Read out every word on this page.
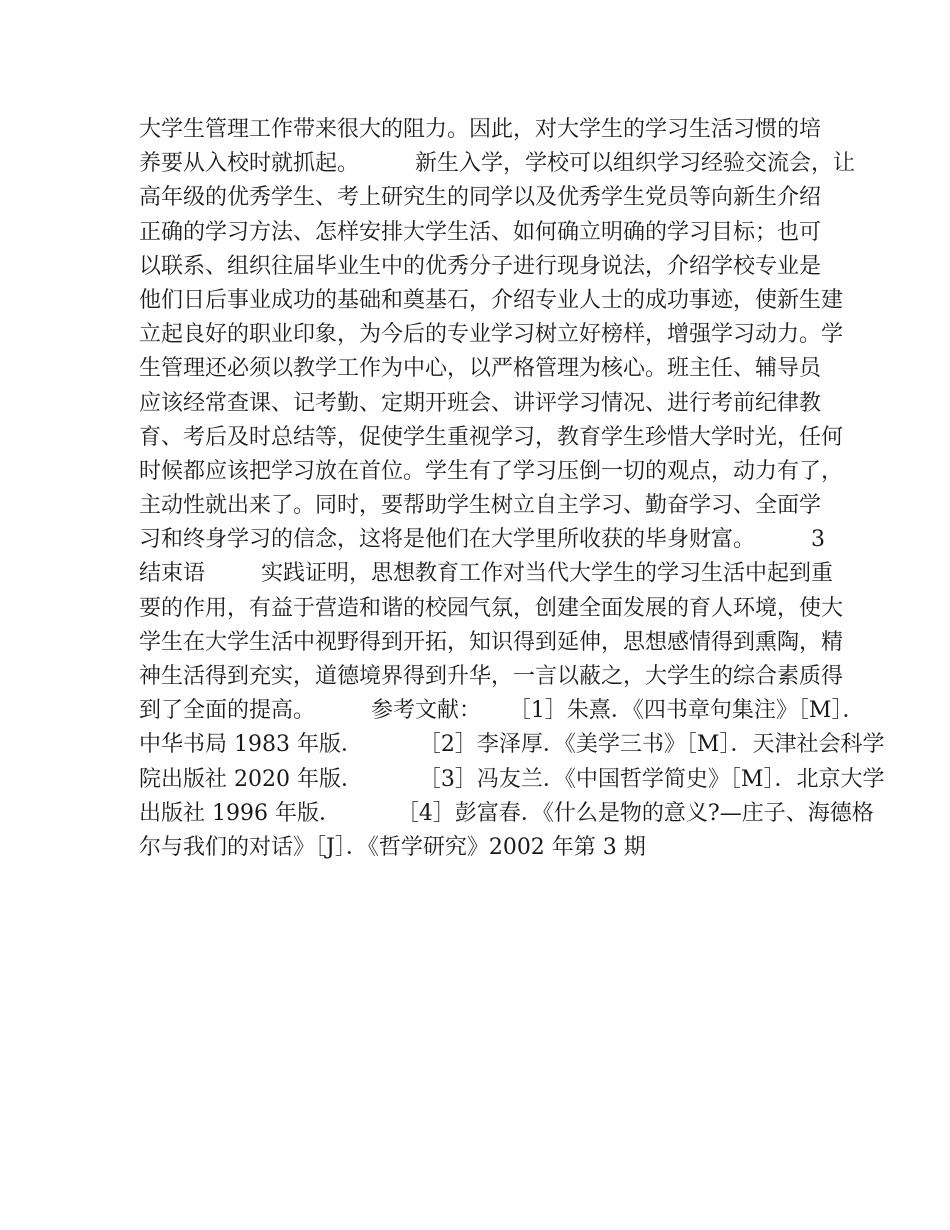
大学生管理工作带来很大的阻力。因此，对大学生的学习生活习惯的培
养要从入校时就抓起。        新生入学，学校可以组织学习经验交流会，让
高年级的优秀学生、考上研究生的同学以及优秀学生党员等向新生介绍
正确的学习方法、怎样安排大学生活、如何确立明确的学习目标；也可
以联系、组织往届毕业生中的优秀分子进行现身说法，介绍学校专业是
他们日后事业成功的基础和奠基石，介绍专业人士的成功事迹，使新生建
立起良好的职业印象，为今后的专业学习树立好榜样，增强学习动力。学
生管理还必须以教学工作为中心，以严格管理为核心。班主任、辅导员
应该经常查课、记考勤、定期开班会、讲评学习情况、进行考前纪律教
育、考后及时总结等，促使学生重视学习，教育学生珍惜大学时光，任何
时候都应该把学习放在首位。学生有了学习压倒一切的观点，动力有了，
主动性就出来了。同时，要帮助学生树立自主学习、勤奋学习、全面学
习和终身学习的信念，这将是他们在大学里所收获的毕身财富。        3
结束语        实践证明，思想教育工作对当代大学生的学习生活中起到重
要的作用，有益于营造和谐的校园气氛，创建全面发展的育人环境，使大
学生在大学生活中视野得到开拓，知识得到延伸，思想感情得到熏陶，精
神生活得到充实，道德境界得到升华，一言以蔽之，大学生的综合素质得
到了全面的提高。        参考文献：    ［1］朱熹．《四书章句集注》［M］．
中华书局 1983 年版．        ［2］李泽厚．《美学三书》［M］．天津社会科学
院出版社 2020 年版．        ［3］冯友兰．《中国哲学简史》［M］．北京大学
出版社 1996 年版．        ［4］彭富春．《什么是物的意义?—庄子、海德格
尔与我们的对话》［J］．《哲学研究》2002 年第 3 期
